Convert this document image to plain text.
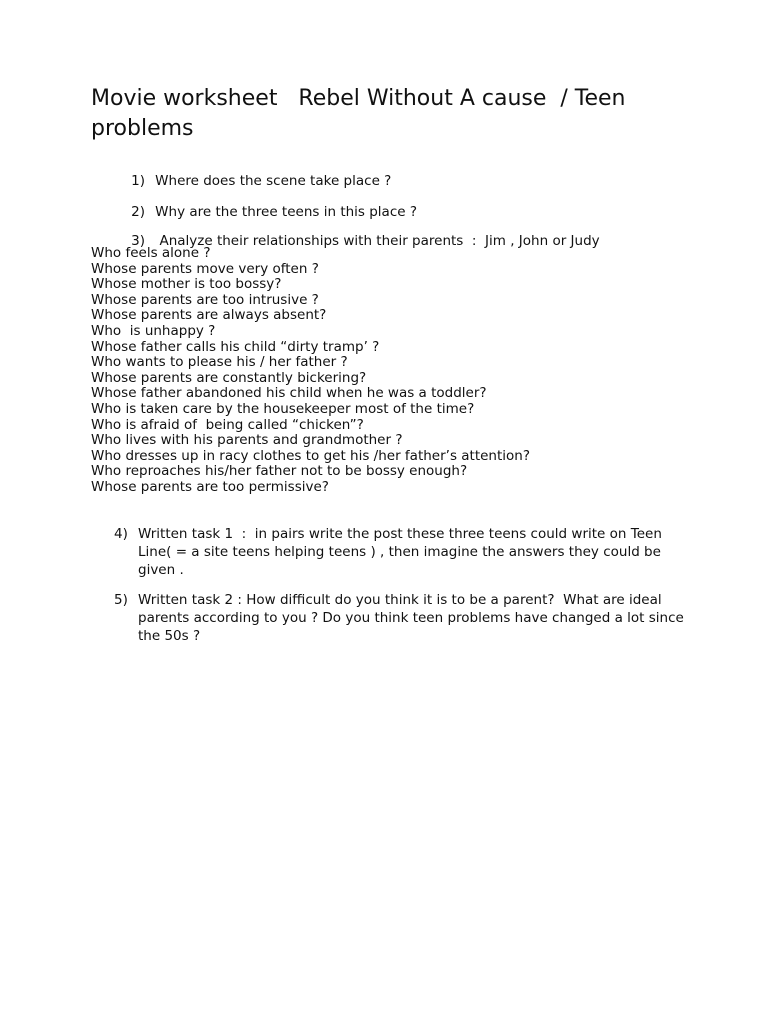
Movie worksheet   Rebel Without A cause  / Teen problems

1) Where does the scene take place ?

2) Why are the three teens in this place ?

3) Analyze their relationships with their parents  :  Jim , John or Judy

Who feels alone ?
Whose parents move very often ?
Whose mother is too bossy?
Whose parents are too intrusive ?
Whose parents are always absent?
Who  is unhappy ?
Whose father calls his child “dirty tramp’ ?
Who wants to please his / her father ?
Whose parents are constantly bickering?
Whose father abandoned his child when he was a toddler?
Who is taken care by the housekeeper most of the time?
Who is afraid of  being called “chicken”?
Who lives with his parents and grandmother ?
Who dresses up in racy clothes to get his /her father’s attention?
Who reproaches his/her father not to be bossy enough?
Whose parents are too permissive?
4) Written task 1  :  in pairs write the post these three teens could write on Teen  Line( = a site teens helping teens ) , then imagine the answers they could be given .
5) Written task 2 : How difficult do you think it is to be a parent?  What are ideal parents according to you ? Do you think teen problems have changed a lot since the 50s ?
